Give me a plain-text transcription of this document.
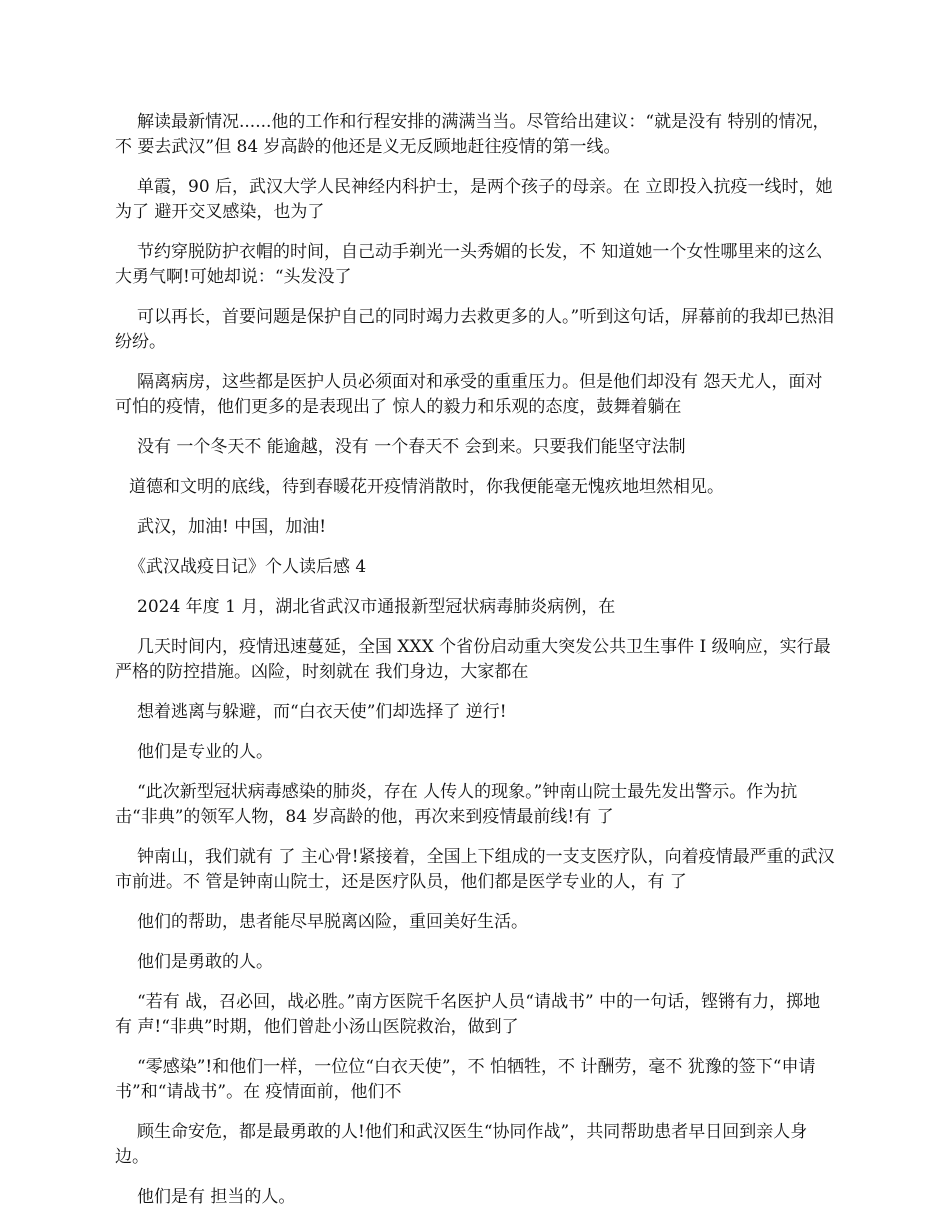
解读最新情况......他的工作和行程安排的满满当当。尽管给出建议：“就是没有 特别的情况，不 要去武汉”但 84 岁高龄的他还是义无反顾地赶往疫情的第一线。

单霞，90 后，武汉大学人民神经内科护士，是两个孩子的母亲。在 立即投入抗疫一线时，她为了 避开交叉感染，也为了

节约穿脱防护衣帽的时间，自己动手剃光一头秀媚的长发，不 知道她一个女性哪里来的这么大勇气啊!可她却说：“头发没了

可以再长，首要问题是保护自己的同时竭力去救更多的人。”听到这句话，屏幕前的我却已热泪纷纷。

隔离病房，这些都是医护人员必须面对和承受的重重压力。但是他们却没有 怨天尤人，面对可怕的疫情，他们更多的是表现出了 惊人的毅力和乐观的态度，鼓舞着躺在

没有 一个冬天不 能逾越，没有 一个春天不 会到来。只要我们能坚守法制

道德和文明的底线，待到春暖花开疫情消散时，你我便能毫无愧疚地坦然相见。

武汉，加油! 中国，加油!

《武汉战疫日记》个人读后感 4

2024 年度 1 月，湖北省武汉市通报新型冠状病毒肺炎病例，在

几天时间内，疫情迅速蔓延，全国 XXX 个省份启动重大突发公共卫生事件 I 级响应，实行最严格的防控措施。凶险，时刻就在 我们身边，大家都在

想着逃离与躲避，而“白衣天使”们却选择了 逆行!

他们是专业的人。

“此次新型冠状病毒感染的肺炎，存在 人传人的现象。”钟南山院士最先发出警示。作为抗击“非典”的领军人物，84 岁高龄的他，再次来到疫情最前线!有 了

钟南山，我们就有 了 主心骨!紧接着，全国上下组成的一支支医疗队，向着疫情最严重的武汉市前进。不 管是钟南山院士，还是医疗队员，他们都是医学专业的人，有 了

他们的帮助，患者能尽早脱离凶险，重回美好生活。

他们是勇敢的人。

“若有 战，召必回，战必胜。”南方医院千名医护人员“请战书” 中的一句话，铿锵有力，掷地有 声!“非典”时期，他们曾赴小汤山医院救治，做到了

“零感染”!和他们一样，一位位“白衣天使”，不 怕牺牲，不 计酬劳，毫不 犹豫的签下“申请书”和“请战书”。在 疫情面前，他们不

顾生命安危，都是最勇敢的人!他们和武汉医生“协同作战”，共同帮助患者早日回到亲人身边。

他们是有 担当的人。
